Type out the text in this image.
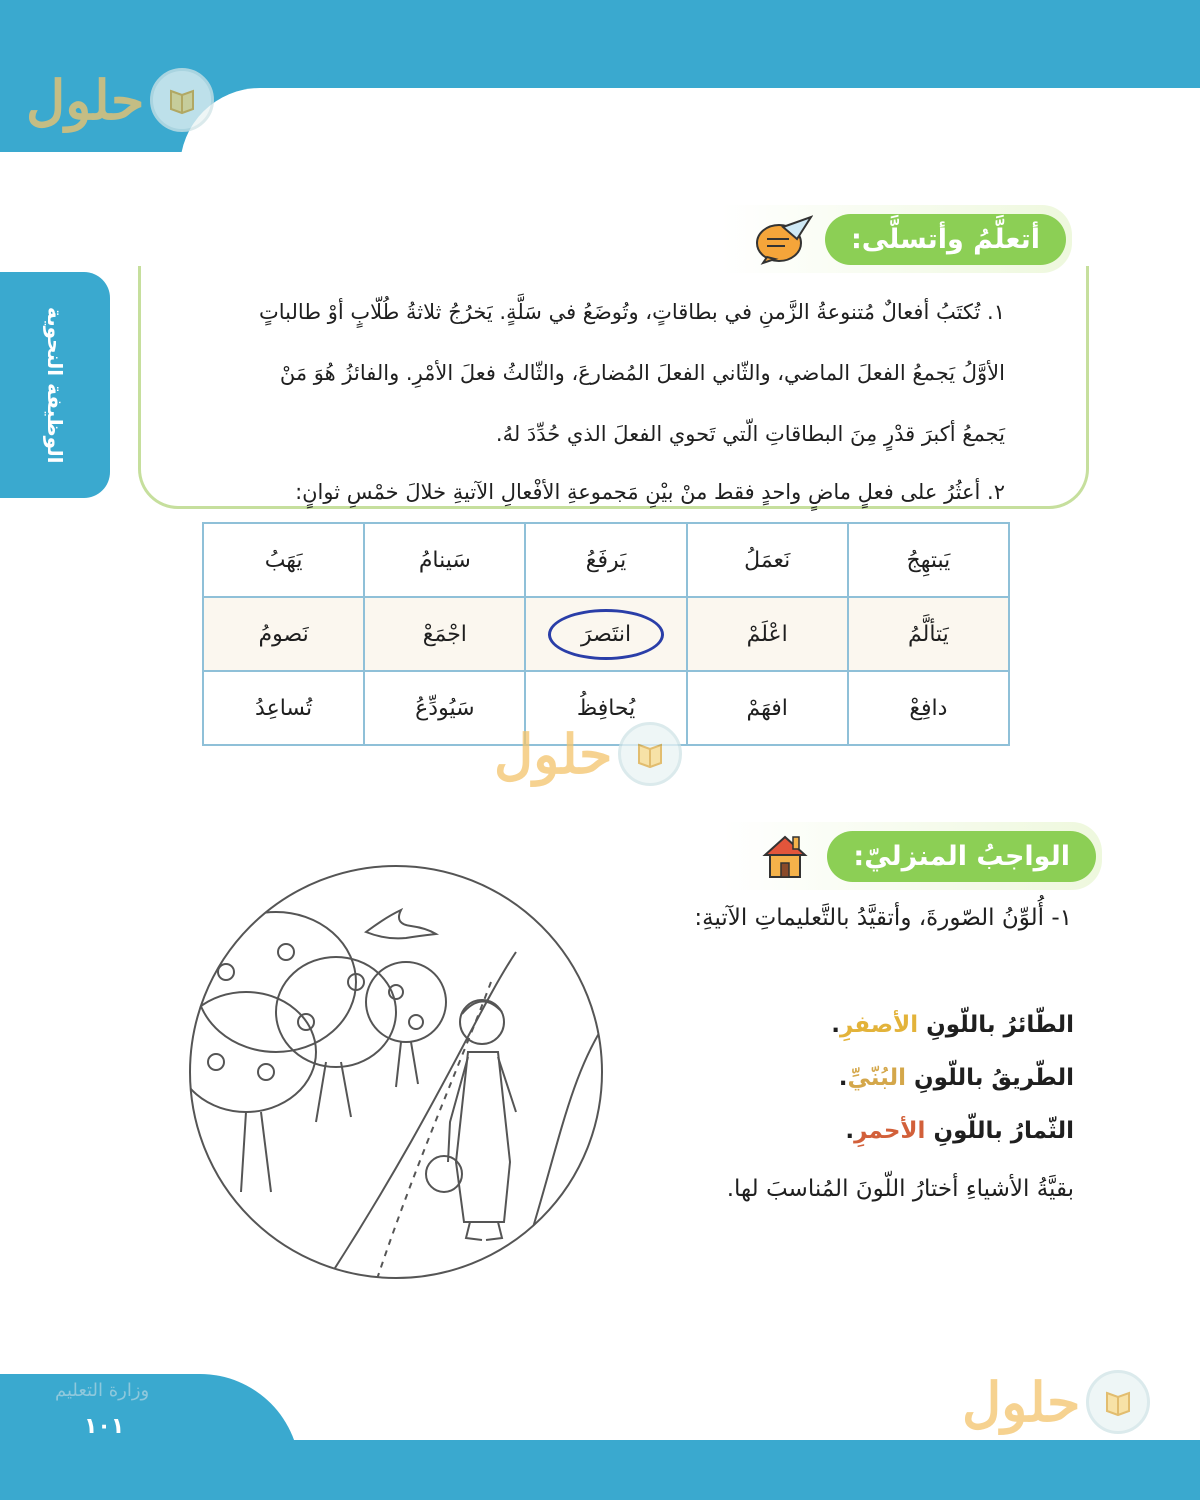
حلول
الوظيفة النحوية
أتعلَّمُ وأتسلَّى:
١. تُكتَبُ أفعالٌ مُتنوعةُ الزَّمنِ في بطاقاتٍ، وتُوضَعُ في سَلَّةٍ. يَخرُجُ ثلاثةُ طُلّابٍ أوْ طالباتٍ
الأوَّلُ يَجمعُ الفعلَ الماضي، والثّاني الفعلَ المُضارعَ، والثّالثُ فعلَ الأمْرِ. والفائزُ هُوَ مَنْ
يَجمعُ أكبرَ قدْرٍ مِنَ البطاقاتِ الّتي تَحوي الفعلَ الذي حُدِّدَ لهُ.
٢. أعثُرُ على فعلٍ ماضٍ واحدٍ فقط منْ بيْنِ مَجموعةِ الأفْعالِ الآتيةِ خلالَ خمْسِ ثوانٍ:
يَبتهِجُ	نَعمَلُ	يَرفَعُ	سَينامُ	يَهَبُ
يَتألَّمُ	اعْلَمْ	انتَصرَ	اجْمَعْ	نَصومُ
دافِعْ	افهَمْ	يُحافِظُ	سَيُودِّعُ	تُساعِدُ
حلول
الواجبُ المنزليّ:
١- أُلوِّنُ الصّورةَ، وأتقيَّدُ بالتَّعليماتِ الآتيةِ:
الطّائرُ باللّونِ الأصفرِ.
الطّريقُ باللّونِ البُنّيِّ.
الثّمارُ باللّونِ الأحمرِ.
بقيَّةُ الأشياءِ أختارُ اللّونَ المُناسبَ لها.
وزارة التعليم
١٠١	حلول
